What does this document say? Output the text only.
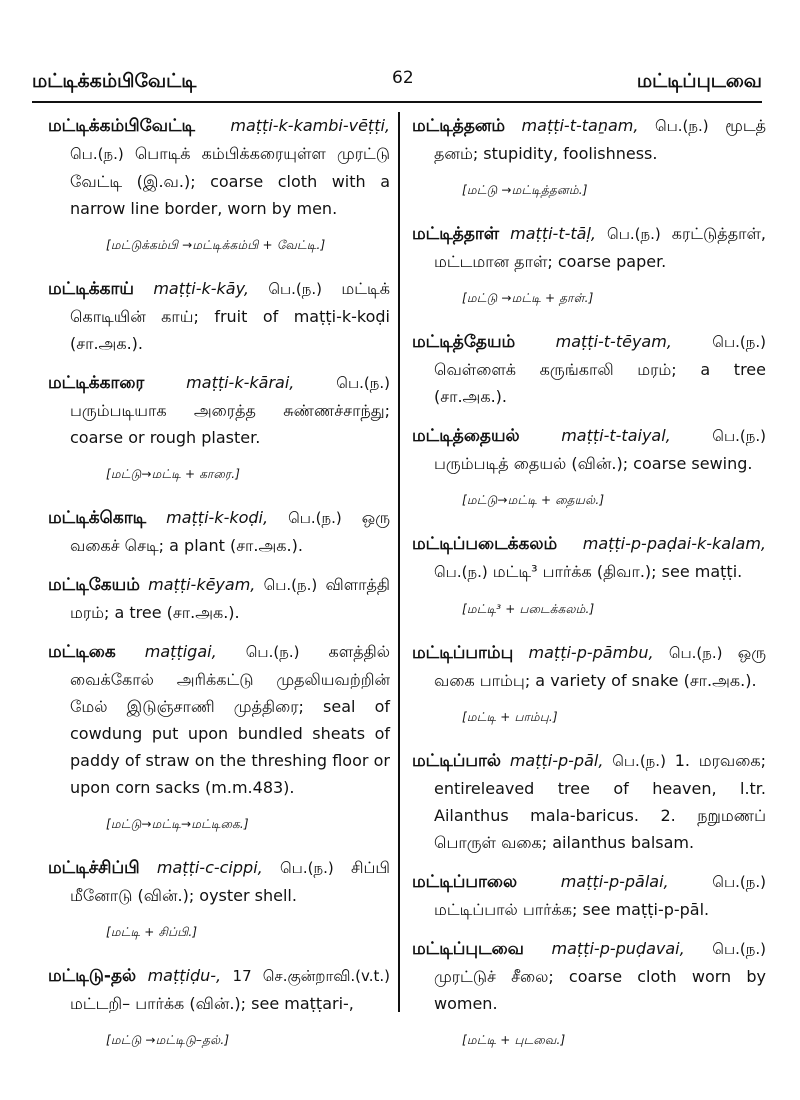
மட்டிக்கம்பிவேட்டி	62	மட்டிப்புடவை

மட்டிக்கம்பிவேட்டி maṭṭi-k-kambi-vēṭṭi, பெ.(ந.) பொடிக் கம்பிக்கரையுள்ள முரட்டு வேட்டி (இ.வ.); coarse cloth with a narrow line border, worn by men.

[மட்டுக்கம்பி →மட்டிக்கம்பி + வேட்டி.]

மட்டிக்காய் maṭṭi-k-kāy, பெ.(ந.) மட்டிக் கொடியின் காய்; fruit of maṭṭi-k-koḍi (சா.அக.).

மட்டிக்காரை	maṭṭi-k-kārai,	பெ.(ந.) பரும்படியாக அரைத்த சுண்ணச்சாந்து; coarse or rough plaster.

[மட்டு→மட்டி + காரை.]

மட்டிக்கொடி maṭṭi-k-koḍi, பெ.(ந.) ஒரு வகைச் செடி; a plant (சா.அக.).

மட்டிகேயம் maṭṭi-kēyam, பெ.(ந.) விளாத்தி மரம்; a tree (சா.அக.).

மட்டிகை maṭṭigai, பெ.(ந.) களத்தில் வைக்கோல் அரிக்கட்டு முதலியவற்றின் மேல் இடுஞ்சாணி முத்திரை; seal of cowdung put upon bundled sheats of paddy of straw on the threshing floor or upon corn sacks (m.m.483).

[மட்டு→மட்டி→மட்டிகை.]

மட்டிச்சிப்பி maṭṭi-c-cippi, பெ.(ந.) சிப்பி மீனோடு (வின்.); oyster shell.

[மட்டி + சிப்பி.]

மட்டிடு-தல் maṭṭiḍu-, 17 செ.குன்றாவி.(v.t.) மட்டறி– பார்க்க (வின்.); see maṭṭari-,

[மட்டு →மட்டிடு–தல்.]

மட்டித்தனம் maṭṭi-t-taṉam, பெ.(ந.) மூடத் தனம்; stupidity, foolishness.

[மட்டு →மட்டித்தனம்.]

மட்டித்தாள் maṭṭi-t-tāḷ, பெ.(ந.) கரட்டுத்தாள், மட்டமான தாள்; coarse paper.

[மட்டு →மட்டி + தாள்.]

மட்டித்தேயம்	maṭṭi-t-tēyam,	பெ.(ந.) வெள்ளைக் கருங்காலி மரம்; a tree (சா.அக.).

மட்டித்தையல்	maṭṭi-t-taiyal,	பெ.(ந.) பரும்படித் தையல் (வின்.); coarse sewing.

[மட்டு→மட்டி + தையல்.]

மட்டிப்படைக்கலம் maṭṭi-p-paḍai-k-kalam, பெ.(ந.) மட்டி³ பார்க்க (திவா.); see maṭṭi.

[மட்டி³ + படைக்கலம்.]

மட்டிப்பாம்பு maṭṭi-p-pāmbu, பெ.(ந.) ஒரு வகை பாம்பு; a variety of snake (சா.அக.).

[மட்டி + பாம்பு.]

மட்டிப்பால் maṭṭi-p-pāl, பெ.(ந.) 1. மரவகை; entireleaved tree of heaven, l.tr. Ailanthus mala-baricus. 2. நறுமணப் பொருள் வகை; ailanthus balsam.

மட்டிப்பாலை	maṭṭi-p-pālai,	பெ.(ந.) மட்டிப்பால் பார்க்க; see maṭṭi-p-pāl.

மட்டிப்புடவை maṭṭi-p-puḍavai, பெ.(ந.) முரட்டுச் சீலை; coarse cloth worn by women.

[மட்டி + புடவை.]
